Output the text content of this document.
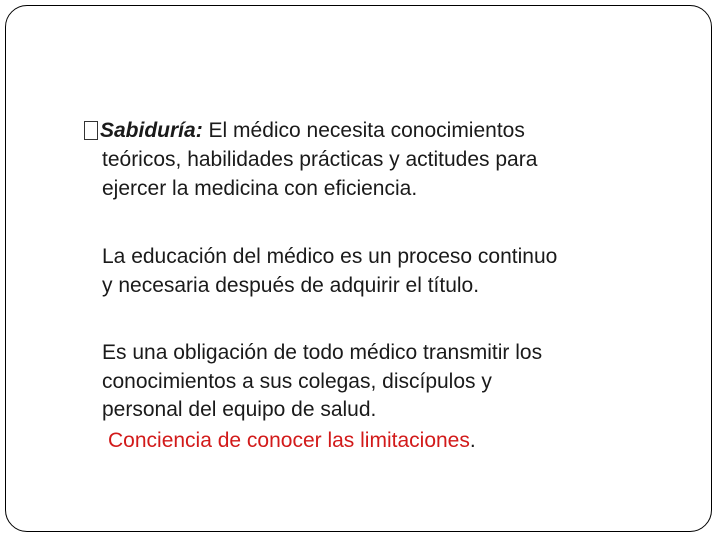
Sabiduría: El médico necesita conocimientos
teóricos, habilidades prácticas y actitudes para
ejercer la medicina con eficiencia.
La educación del médico es un proceso continuo
y necesaria después de adquirir el título.
Es una obligación de todo médico transmitir los
conocimientos a sus colegas, discípulos y
personal del equipo de salud.
Conciencia de conocer las limitaciones.
